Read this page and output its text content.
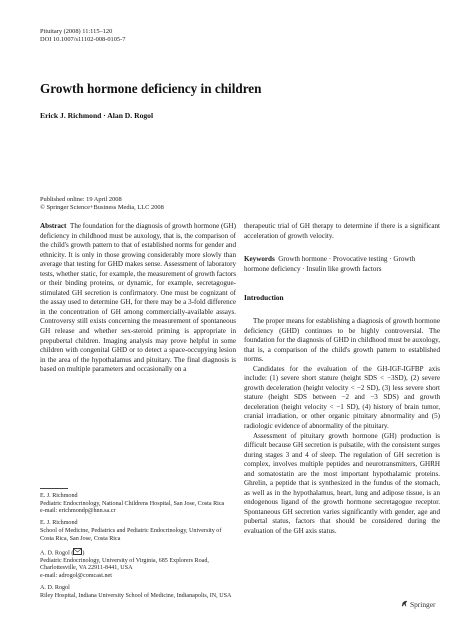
Pituitary (2008) 11:115–120
DOI 10.1007/s11102-008-0105-7
Growth hormone deficiency in children
Erick J. Richmond · Alan D. Rogol
Published online: 19 April 2008
© Springer Science+Business Media, LLC 2008
Abstract The foundation for the diagnosis of growth hormone (GH) deficiency in childhood must be auxology, that is, the comparison of the child's growth pattern to that of established norms for gender and ethnicity. It is only in those growing considerably more slowly than average that testing for GHD makes sense. Assessment of laboratory tests, whether static, for example, the measurement of growth factors or their binding proteins, or dynamic, for example, secretagogue-stimulated GH secretion is confirmatory. One must be cognizant of the assay used to determine GH, for there may be a 3-fold difference in the concentration of GH among commercially-available assays. Controversy still exists concerning the measurement of spontaneous GH release and whether sex-steroid priming is appropriate in prepubertal children. Imaging analysis may prove helpful in some children with congenital GHD or to detect a space-occupying lesion in the area of the hypothalamus and pituitary. The final diagnosis is based on multiple parameters and occasionally on a
therapeutic trial of GH therapy to determine if there is a significant acceleration of growth velocity.
Keywords Growth hormone · Provocative testing · Growth hormone deficiency · Insulin like growth factors
Introduction

The proper means for establishing a diagnosis of growth hormone deficiency (GHD) continues to be highly controversial. The foundation for the diagnosis of GHD in childhood must be auxology, that is, a comparison of the child's growth pattern to established norms.

Candidates for the evaluation of the GH-IGF-IGFBP axis include: (1) severe short stature (height SDS < −3SD), (2) severe growth deceleration (height velocity < −2 SD), (3) less severe short stature (height SDS between −2 and −3 SDS) and growth deceleration (height velocity < −1 SD), (4) history of brain tumor, cranial irradiation, or other organic pituitary abnormality and (5) radiologic evidence of abnormality of the pituitary.

Assessment of pituitary growth hormone (GH) production is difficult because GH secretion is pulsatile, with the consistent surges during stages 3 and 4 of sleep. The regulation of GH secretion is complex, involves multiple peptides and neurotransmitters, GHRH and somatostatin are the most important hypothalamic proteins. Ghrelin, a peptide that is synthesized in the fundus of the stomach, as well as in the hypothalamus, heart, lung and adipose tissue, is an endogenous ligand of the growth hormone secretagogue receptor. Spontaneous GH secretion varies significantly with gender, age and pubertal status, factors that should be considered during the evaluation of the GH axis status.

E. J. Richmond
Pediatric Endocrinology, National Childrens Hospital, San Jose, Costa Rica
e-mail: erichmondp@hnn.sa.cr
E. J. Richmond
School of Medicine, Pediatrics and Pediatric Endocrinology, University of Costa Rica, San Jose, Costa Rica
A. D. Rogol ( )
Pediatric Endocrinology, University of Virginia, 685 Explorers Road, Charlottesville, VA 22911-8441, USA
e-mail: adrogol@comcast.net
A. D. Rogol
Riley Hospital, Indiana University School of Medicine, Indianapolis, IN, USA
Springer
